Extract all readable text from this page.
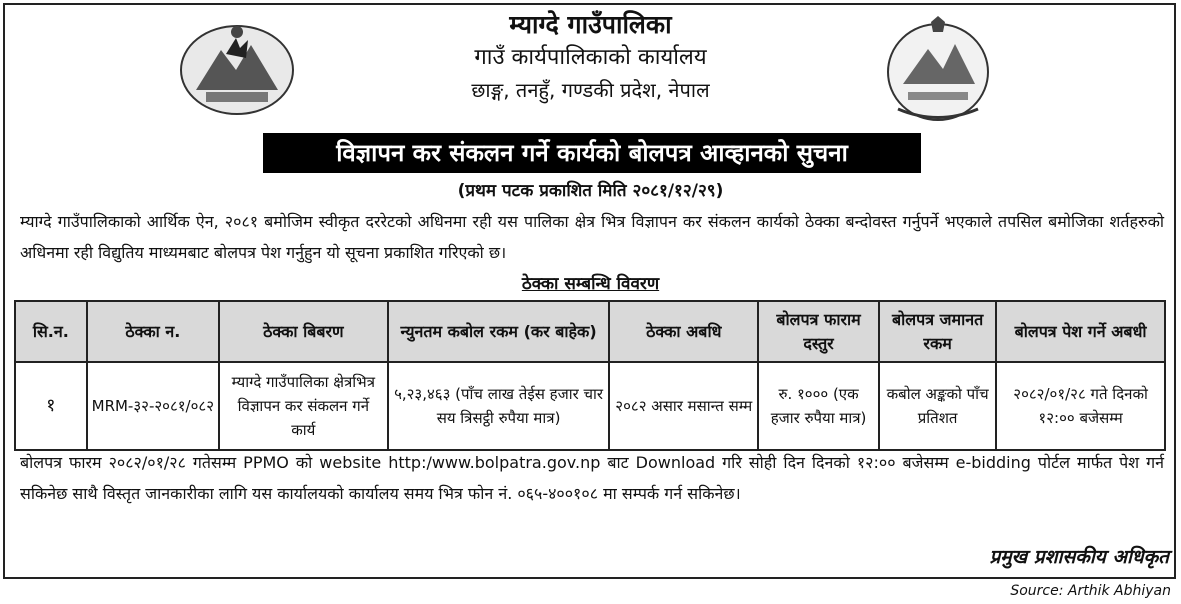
म्याग्दे गाउँपालिका
गाउँ कार्यपालिकाको कार्यालय
छाङ्ग, तनहुँ, गण्डकी प्रदेश, नेपाल
विज्ञापन कर संकलन गर्ने कार्यको बोलपत्र आव्हानको सुचना
(प्रथम पटक प्रकाशित मिति २०८१/१२/२९)
म्याग्दे गाउँपालिकाको आर्थिक ऐन, २०८१ बमोजिम स्वीकृत दररेटको अधिनमा रही यस पालिका क्षेत्र भित्र विज्ञापन कर संकलन कार्यको ठेक्का बन्दोवस्त गर्नुपर्ने भएकाले तपसिल बमोजिका शर्तहरुको अधिनमा रही विद्युतिय माध्यमबाट बोलपत्र पेश गर्नुहुन यो सूचना प्रकाशित गरिएको छ।
ठेक्का सम्बन्धि विवरण
सि.न.	ठेक्का न.	ठेक्का बिबरण	न्युनतम कबोल रकम (कर बाहेक)	ठेक्का अबधि	बोलपत्र फाराम दस्तुर	बोलपत्र जमानत रकम	बोलपत्र पेश गर्ने अबधी
१	MRM-३२-२०८१/०८२	म्याग्दे गाउँपालिका क्षेत्रभित्र विज्ञापन कर संकलन गर्ने कार्य	५,२३,४६३ (पाँच लाख तेईस हजार चार सय त्रिसट्ठी रुपैया मात्र)	२०८२ असार मसान्त सम्म	रु. १००० (एक हजार रुपैया मात्र)	कबोल अङ्कको पाँच प्रतिशत	२०८२/०१/२८ गते दिनको १२:०० बजेसम्म
बोलपत्र फारम २०८२/०१/२८ गतेसम्म PPMO को website http:/www.bolpatra.gov.np बाट Download गरि सोही दिन दिनको १२:०० बजेसम्म e-bidding पोर्टल मार्फत पेश गर्न सकिनेछ साथै विस्तृत जानकारीका लागि यस कार्यालयको कार्यालय समय भित्र फोन नं. ०६५-४००१०८ मा सम्पर्क गर्न सकिनेछ।
प्रमुख प्रशासकीय अधिकृत
Source: Arthik Abhiyan
